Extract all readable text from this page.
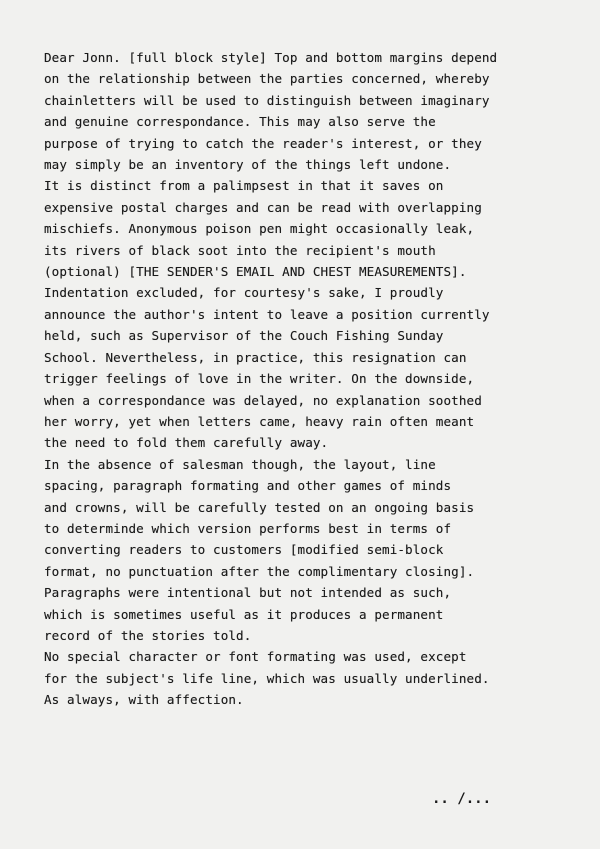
Dear Jonn. [full block style] Top and bottom margins depend
on the relationship between the parties concerned, whereby
chainletters will be used to distinguish between imaginary
and genuine correspondance. This may also serve the
purpose of trying to catch the reader's interest, or they
may simply be an inventory of the things left undone.
It is distinct from a palimpsest in that it saves on
expensive postal charges and can be read with overlapping
mischiefs. Anonymous poison pen might occasionally leak,
its rivers of black soot into the recipient's mouth
(optional) [THE SENDER'S EMAIL AND CHEST MEASUREMENTS].
Indentation excluded, for courtesy's sake, I proudly
announce the author's intent to leave a position currently
held, such as Supervisor of the Couch Fishing Sunday
School. Nevertheless, in practice, this resignation can
trigger feelings of love in the writer. On the downside,
when a correspondance was delayed, no explanation soothed
her worry, yet when letters came, heavy rain often meant
the need to fold them carefully away.
In the absence of salesman though, the layout, line
spacing, paragraph formating and other games of minds
and crowns, will be carefully tested on an ongoing basis
to determinde which version performs best in terms of
converting readers to customers [modified semi-block
format, no punctuation after the complimentary closing].
Paragraphs were intentional but not intended as such,
which is sometimes useful as it produces a permanent
record of the stories told.
No special character or font formating was used, except
for the subject's life line, which was usually underlined.
As always, with affection.
.. /...
